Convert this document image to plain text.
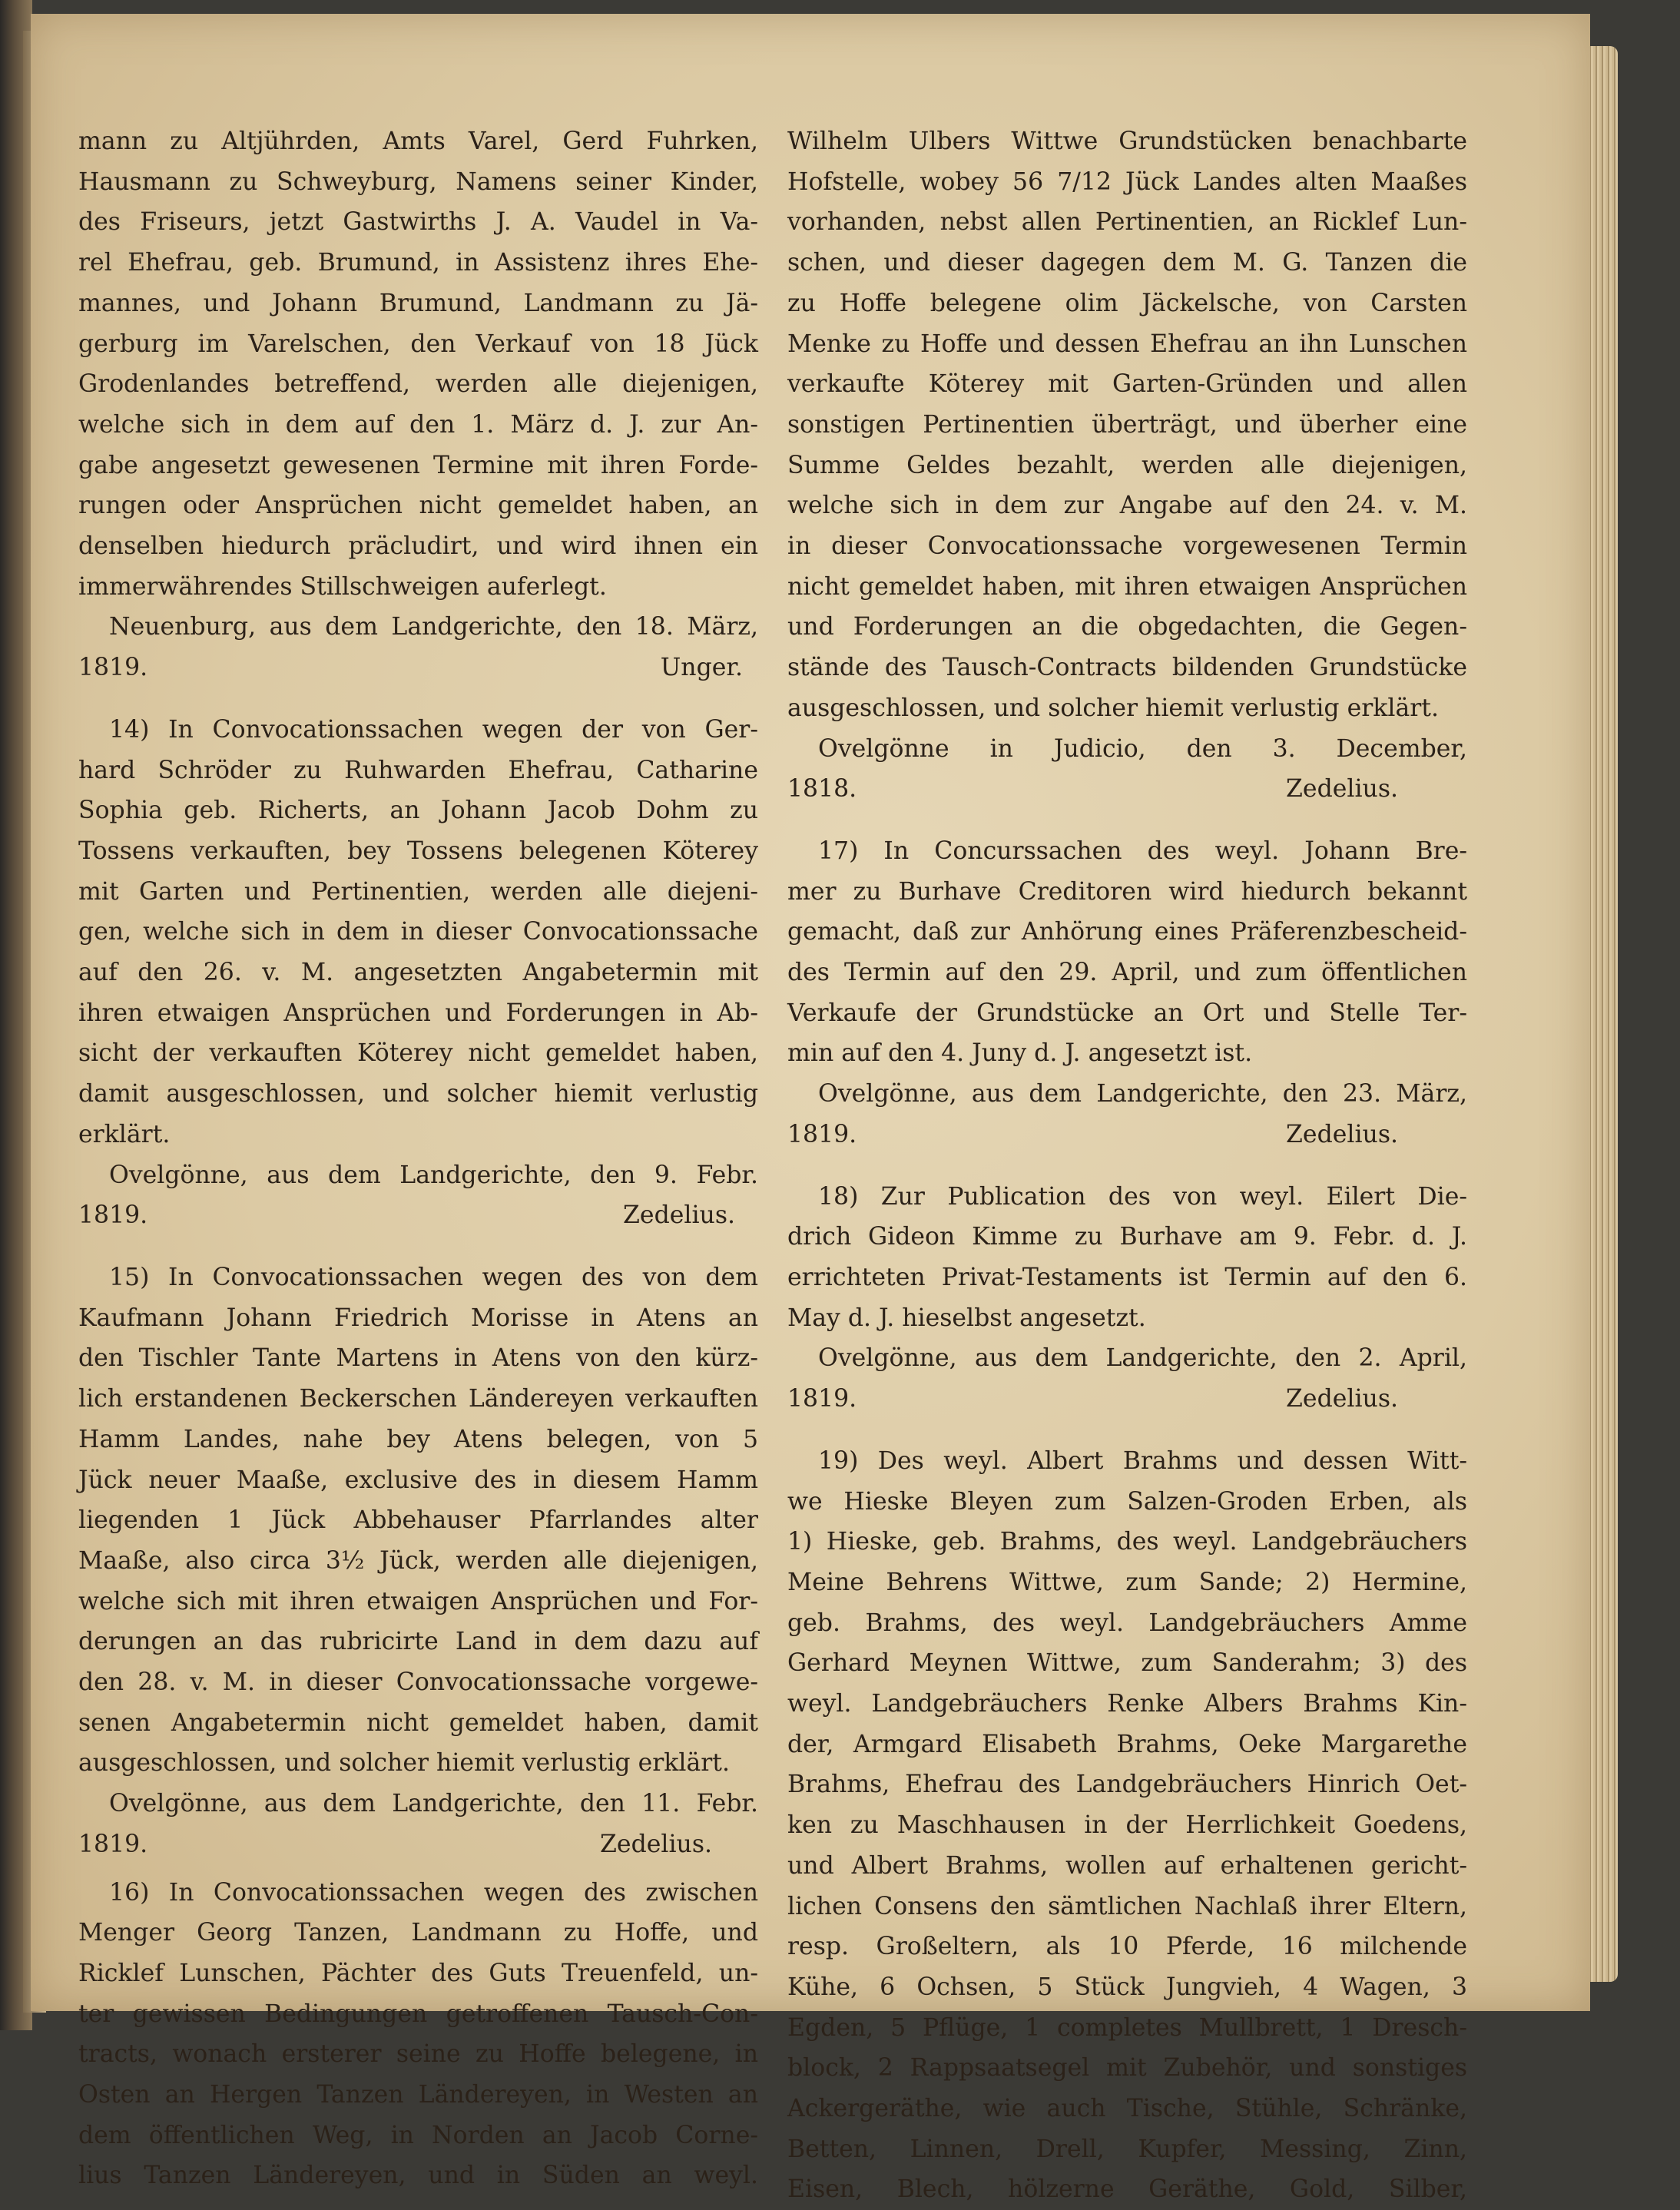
mann zu Altjührden, Amts Varel, Gerd Fuhrken,
Hausmann zu Schweyburg, Namens seiner Kinder,
des Friseurs, jetzt Gastwirths J. A. Vaudel in Va-
rel Ehefrau, geb. Brumund, in Assistenz ihres Ehe-
mannes, und Johann Brumund, Landmann zu Jä-
gerburg im Varelschen, den Verkauf von 18 Jück
Grodenlandes betreffend, werden alle diejenigen,
welche sich in dem auf den 1. März d. J. zur An-
gabe angesetzt gewesenen Termine mit ihren Forde-
rungen oder Ansprüchen nicht gemeldet haben, an
denselben hiedurch präcludirt, und wird ihnen ein
immerwährendes Stillschweigen auferlegt.
Neuenburg, aus dem Landgerichte, den 18. März,
1819.	Unger.
14) In Convocationssachen wegen der von Ger-
hard Schröder zu Ruhwarden Ehefrau, Catharine
Sophia geb. Richerts, an Johann Jacob Dohm zu
Tossens verkauften, bey Tossens belegenen Köterey
mit Garten und Pertinentien, werden alle diejeni-
gen, welche sich in dem in dieser Convocationssache
auf den 26. v. M. angesetzten Angabetermin mit
ihren etwaigen Ansprüchen und Forderungen in Ab-
sicht der verkauften Köterey nicht gemeldet haben,
damit ausgeschlossen, und solcher hiemit verlustig
erklärt.
Ovelgönne, aus dem Landgerichte, den 9. Febr.
1819.	Zedelius.
15) In Convocationssachen wegen des von dem
Kaufmann Johann Friedrich Morisse in Atens an
den Tischler Tante Martens in Atens von den kürz-
lich erstandenen Beckerschen Ländereyen verkauften
Hamm Landes, nahe bey Atens belegen, von 5
Jück neuer Maaße, exclusive des in diesem Hamm
liegenden 1 Jück Abbehauser Pfarrlandes alter
Maaße, also circa 3½ Jück, werden alle diejenigen,
welche sich mit ihren etwaigen Ansprüchen und For-
derungen an das rubricirte Land in dem dazu auf
den 28. v. M. in dieser Convocationssache vorgewe-
senen Angabetermin nicht gemeldet haben, damit
ausgeschlossen, und solcher hiemit verlustig erklärt.
Ovelgönne, aus dem Landgerichte, den 11. Febr.
1819.	Zedelius.
16) In Convocationssachen wegen des zwischen
Menger Georg Tanzen, Landmann zu Hoffe, und
Ricklef Lunschen, Pächter des Guts Treuenfeld, un-
ter gewissen Bedingungen getroffenen Tausch-Con-
tracts, wonach ersterer seine zu Hoffe belegene, in
Osten an Hergen Tanzen Ländereyen, in Westen an
dem öffentlichen Weg, in Norden an Jacob Corne-
lius Tanzen Ländereyen, und in Süden an weyl.
Wilhelm Ulbers Wittwe Grundstücken benachbarte
Hofstelle, wobey 56 7/12 Jück Landes alten Maaßes
vorhanden, nebst allen Pertinentien, an Ricklef Lun-
schen, und dieser dagegen dem M. G. Tanzen die
zu Hoffe belegene olim Jäckelsche, von Carsten
Menke zu Hoffe und dessen Ehefrau an ihn Lunschen
verkaufte Köterey mit Garten-Gründen und allen
sonstigen Pertinentien überträgt, und überher eine
Summe Geldes bezahlt, werden alle diejenigen,
welche sich in dem zur Angabe auf den 24. v. M.
in dieser Convocationssache vorgewesenen Termin
nicht gemeldet haben, mit ihren etwaigen Ansprüchen
und Forderungen an die obgedachten, die Gegen-
stände des Tausch-Contracts bildenden Grundstücke
ausgeschlossen, und solcher hiemit verlustig erklärt.
Ovelgönne in Judicio, den 3. December,
1818.	Zedelius.
17) In Concurssachen des weyl. Johann Bre-
mer zu Burhave Creditoren wird hiedurch bekannt
gemacht, daß zur Anhörung eines Präferenzbescheid-
des Termin auf den 29. April, und zum öffentlichen
Verkaufe der Grundstücke an Ort und Stelle Ter-
min auf den 4. Juny d. J. angesetzt ist.
Ovelgönne, aus dem Landgerichte, den 23. März,
1819.	Zedelius.
18) Zur Publication des von weyl. Eilert Die-
drich Gideon Kimme zu Burhave am 9. Febr. d. J.
errichteten Privat-Testaments ist Termin auf den 6.
May d. J. hieselbst angesetzt.
Ovelgönne, aus dem Landgerichte, den 2. April,
1819.	Zedelius.
19) Des weyl. Albert Brahms und dessen Witt-
we Hieske Bleyen zum Salzen-Groden Erben, als
1) Hieske, geb. Brahms, des weyl. Landgebräuchers
Meine Behrens Wittwe, zum Sande; 2) Hermine,
geb. Brahms, des weyl. Landgebräuchers Amme
Gerhard Meynen Wittwe, zum Sanderahm; 3) des
weyl. Landgebräuchers Renke Albers Brahms Kin-
der, Armgard Elisabeth Brahms, Oeke Margarethe
Brahms, Ehefrau des Landgebräuchers Hinrich Oet-
ken zu Maschhausen in der Herrlichkeit Goedens,
und Albert Brahms, wollen auf erhaltenen gericht-
lichen Consens den sämtlichen Nachlaß ihrer Eltern,
resp. Großeltern, als 10 Pferde, 16 milchende
Kühe, 6 Ochsen, 5 Stück Jungvieh, 4 Wagen, 3
Egden, 5 Pflüge, 1 completes Mullbrett, 1 Dresch-
block, 2 Rappsaatsegel mit Zubehör, und sonstiges
Ackergeräthe, wie auch Tische, Stühle, Schränke,
Betten, Linnen, Drell, Kupfer, Messing, Zinn,
Eisen, Blech, hölzerne Geräthe, Gold, Silber,
